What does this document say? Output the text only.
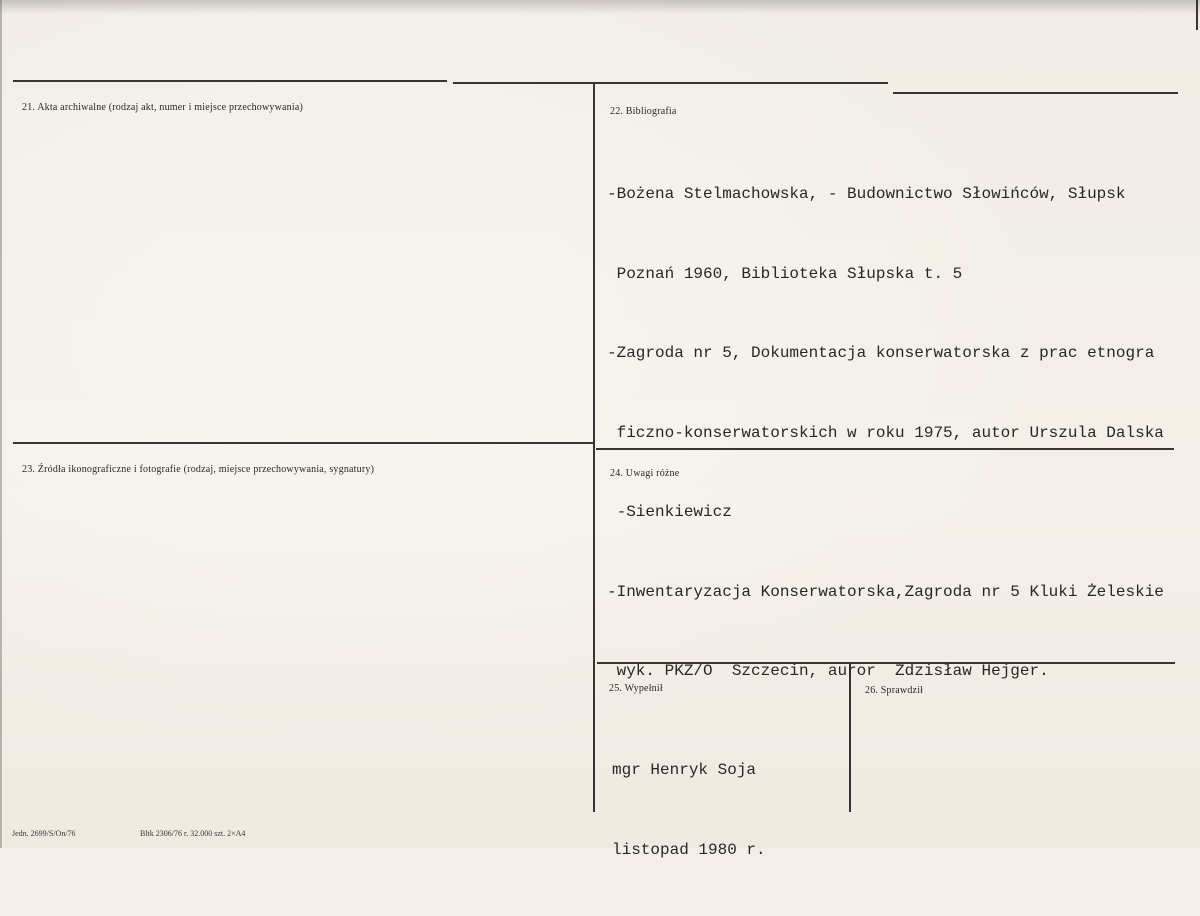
21. Akta archiwalne (rodzaj akt, numer i miejsce przechowywania)	22. Bibliografia

-Bożena Stelmachowska, - Budownictwo Słowińców, Słupsk

Poznań 1960, Biblioteka Słupska t. 5

-Zagroda nr 5, Dokumentacja konserwatorska z prac etnogra

ficzno-konserwatorskich w roku 1975, autor Urszula Dalska

-Sienkiewicz

-Inwentaryzacja Konserwatorska,Zagroda nr 5 Kluki Żeleskie

wyk. PKZ/O  Szczecin, auror  Zdzisław Hejger.

23. Źródła ikonograficzne i fotografie (rodzaj, miejsce przechowywania, sygnatury)	24. Uwagi różne
25. Wypełnił

mgr Henryk Soja

listopad 1980 r.

26. Sprawdził
Jedn. 2699/S/On/76	Bltk 2306/76 r. 32.000 szt. 2×A4
